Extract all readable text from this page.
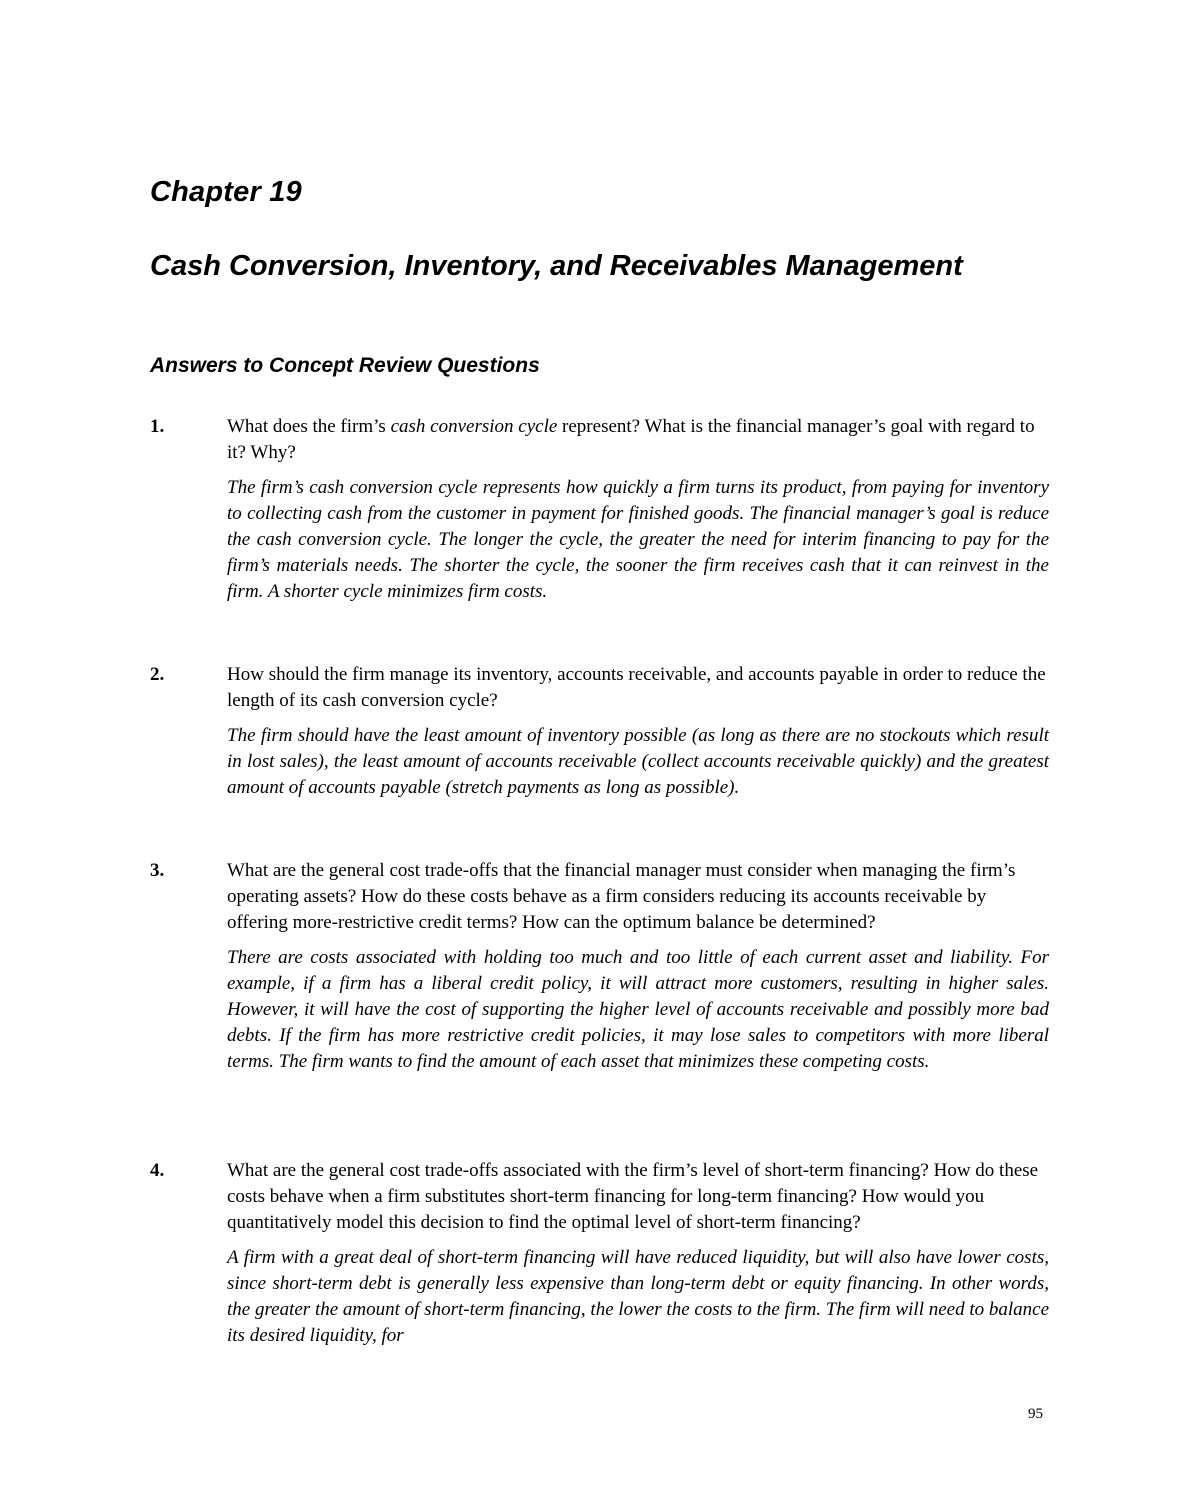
Chapter 19
Cash Conversion, Inventory, and Receivables Management
Answers to Concept Review Questions
1.	What does the firm’s cash conversion cycle represent? What is the financial manager’s goal with regard to it? Why?

The firm’s cash conversion cycle represents how quickly a firm turns its product, from paying for inventory to collecting cash from the customer in payment for finished goods. The financial manager’s goal is reduce the cash conversion cycle. The longer the cycle, the greater the need for interim financing to pay for the firm’s materials needs. The shorter the cycle, the sooner the firm receives cash that it can reinvest in the firm. A shorter cycle minimizes firm costs.

2.	How should the firm manage its inventory, accounts receivable, and accounts payable in order to reduce the length of its cash conversion cycle?

The firm should have the least amount of inventory possible (as long as there are no stockouts which result in lost sales), the least amount of accounts receivable (collect accounts receivable quickly) and the greatest amount of accounts payable (stretch payments as long as possible).

3.	What are the general cost trade-offs that the financial manager must consider when managing the firm’s operating assets? How do these costs behave as a firm considers reducing its accounts receivable by offering more-restrictive credit terms? How can the optimum balance be determined?

There are costs associated with holding too much and too little of each current asset and liability. For example, if a firm has a liberal credit policy, it will attract more customers, resulting in higher sales. However, it will have the cost of supporting the higher level of accounts receivable and possibly more bad debts. If the firm has more restrictive credit policies, it may lose sales to competitors with more liberal terms. The firm wants to find the amount of each asset that minimizes these competing costs.

4.	What are the general cost trade-offs associated with the firm’s level of short-term financing? How do these costs behave when a firm substitutes short-term financing for long-term financing? How would you quantitatively model this decision to find the optimal level of short-term financing?

A firm with a great deal of short-term financing will have reduced liquidity, but will also have lower costs, since short-term debt is generally less expensive than long-term debt or equity financing. In other words, the greater the amount of short-term financing, the lower the costs to the firm. The firm will need to balance its desired liquidity, for

95
